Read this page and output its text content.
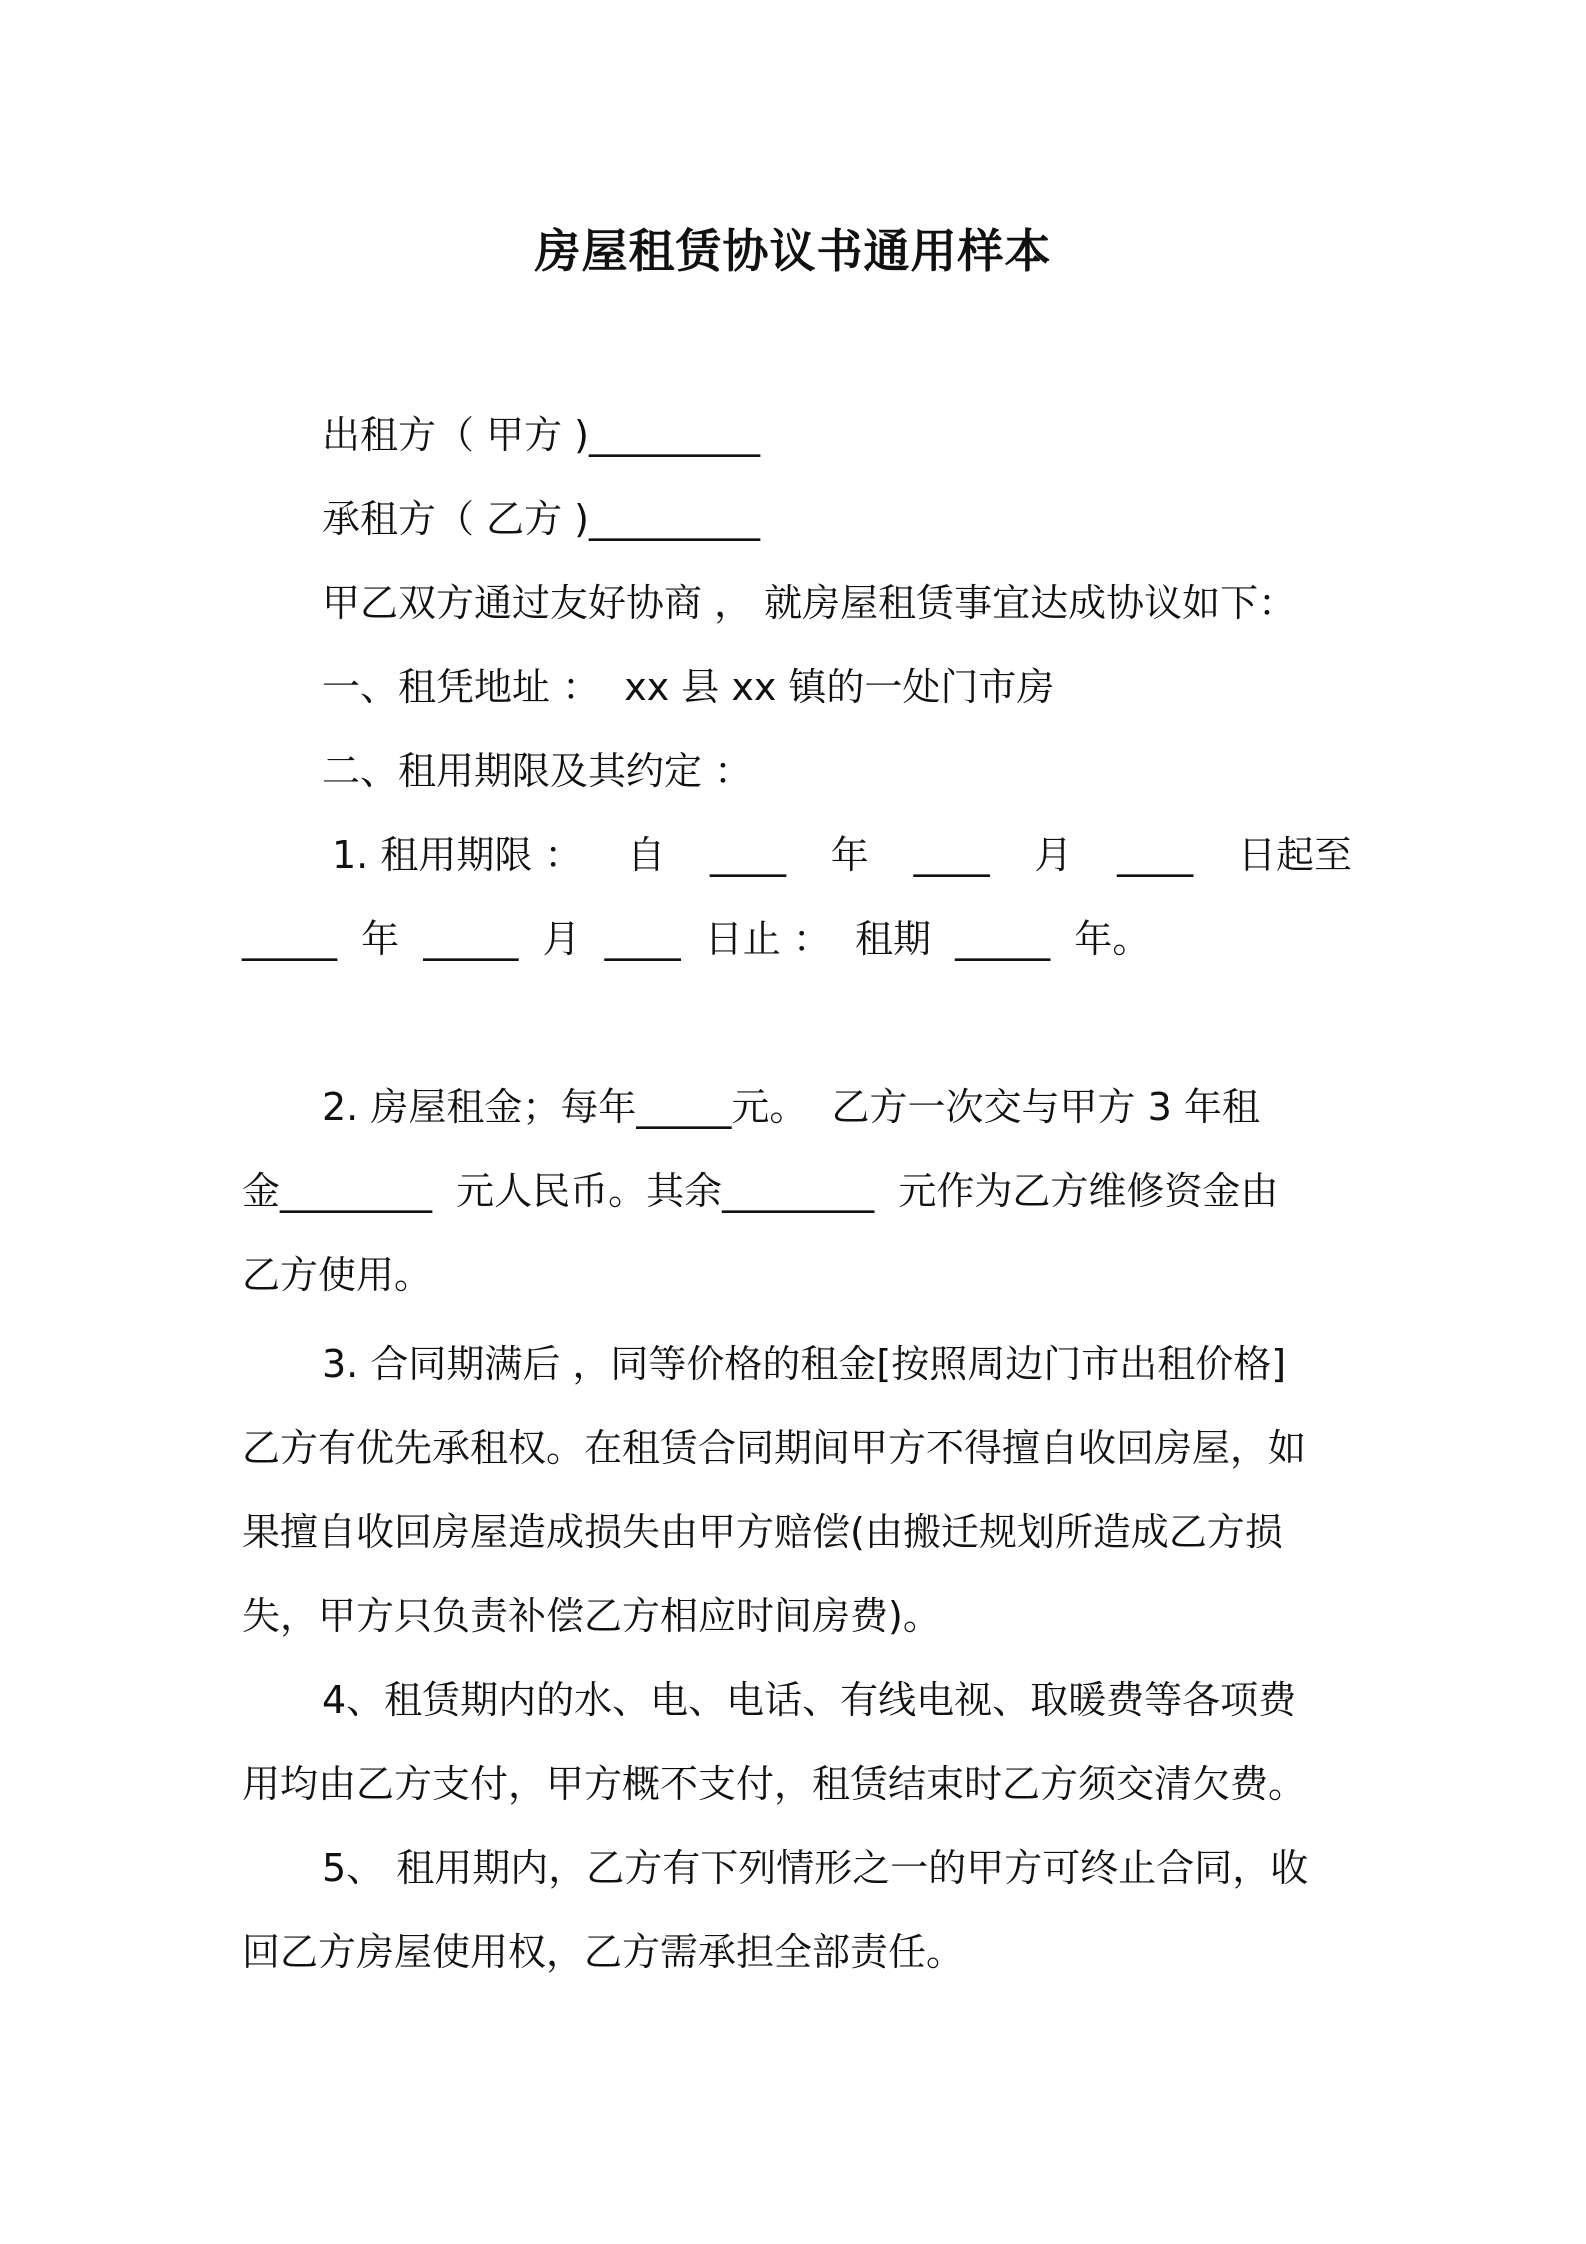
房屋租赁协议书通用样本
出租方（ 甲方 )_________
承租方（ 乙方 )_________
甲乙双方通过友好协商 ， 就房屋租赁事宜达成协议如下：
一、租凭地址 ：  xx 县 xx 镇的一处门市房
二、租用期限及其约定 ：
1. 租用期限 ： 自 ____ 年 ____ 月 ____ 日起至
_____  年  _____  月  ____  日止 ：  租期  _____  年。
2. 房屋租金；每年_____元。  乙方一次交与甲方 3 年租
金________  元人民币。其余________  元作为乙方维修资金由
乙方使用。
3. 合同期满后 ，同等价格的租金[按照周边门市出租价格]
乙方有优先承租权。在租赁合同期间甲方不得擅自收回房屋，如
果擅自收回房屋造成损失由甲方赔偿(由搬迁规划所造成乙方损
失，甲方只负责补偿乙方相应时间房费)。
4、租赁期内的水、电、电话、有线电视、取暖费等各项费
用均由乙方支付，甲方概不支付，租赁结束时乙方须交清欠费。
5、 租用期内，乙方有下列情形之一的甲方可终止合同，收
回乙方房屋使用权，乙方需承担全部责任。
